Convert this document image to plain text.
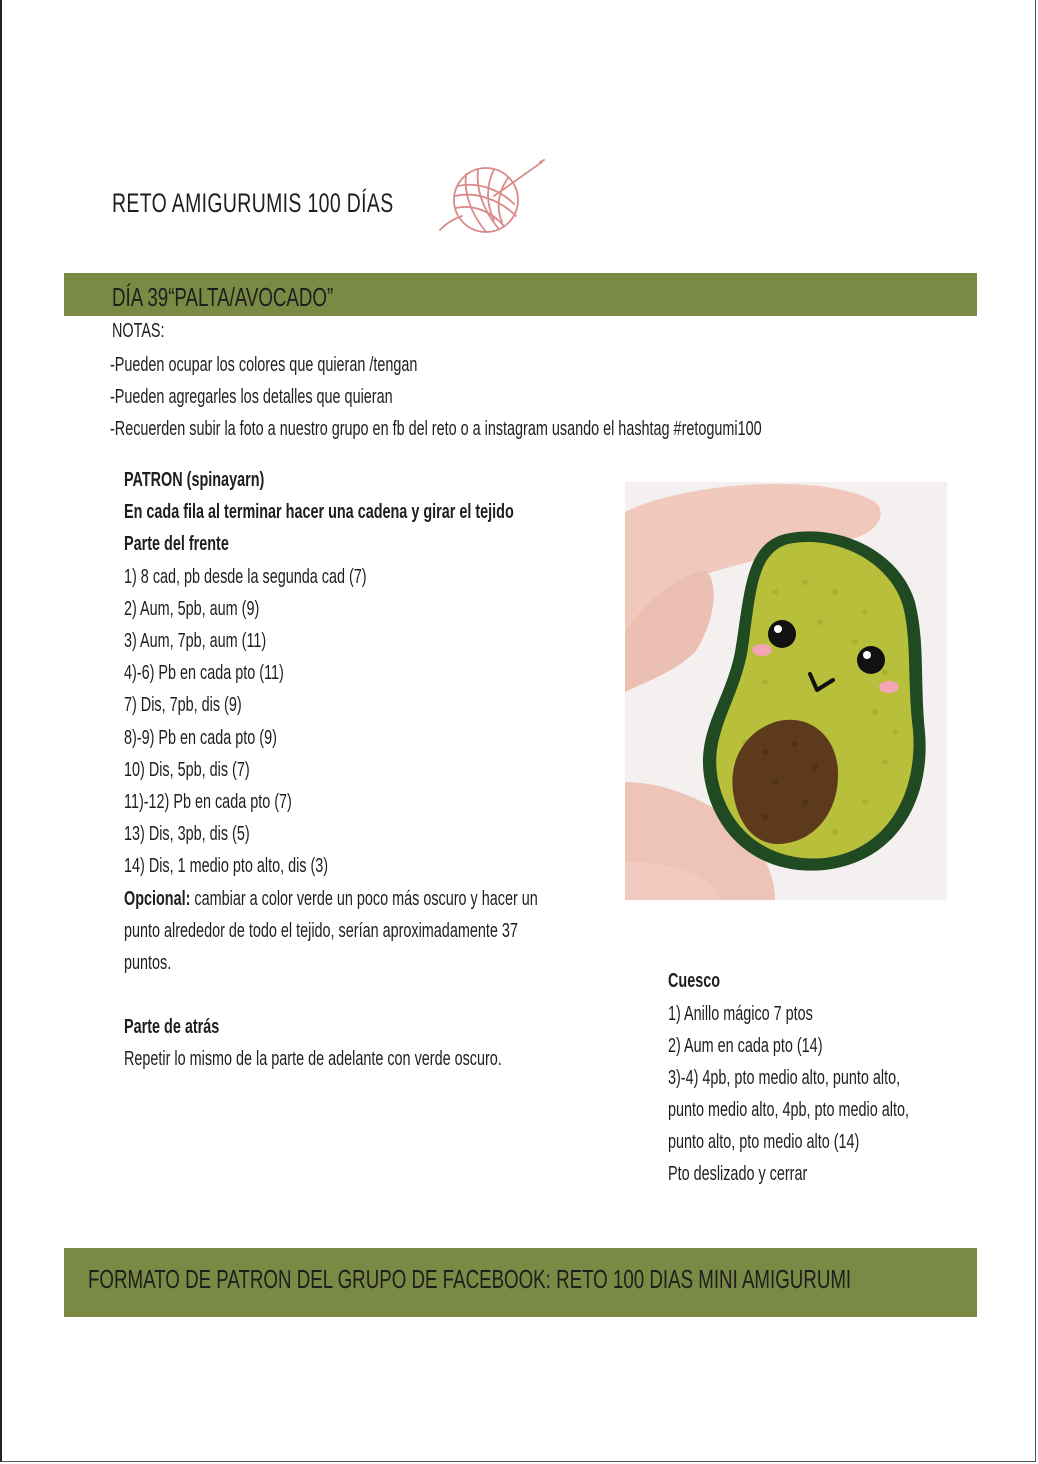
RETO AMIGURUMIS 100 DÍAS
DÍA 39“PALTA/AVOCADO”
NOTAS:
-Pueden ocupar los colores que quieran /tengan
-Pueden agregarles los detalles que quieran
-Recuerden subir la foto a nuestro grupo en fb del reto o a instagram usando el hashtag #retogumi100
PATRON (spinayarn)
En cada fila al terminar hacer una cadena y girar el tejido
Parte del frente
1) 8 cad, pb desde la segunda cad (7)
2) Aum, 5pb, aum (9)
3) Aum, 7pb, aum (11)
4)-6) Pb en cada pto (11)
7) Dis, 7pb, dis (9)
8)-9) Pb en cada pto (9)
10) Dis, 5pb, dis (7)
11)-12) Pb en cada pto (7)
13) Dis, 3pb, dis (5)
14) Dis, 1 medio pto alto, dis (3)
Opcional: cambiar a color verde un poco más oscuro y hacer un
punto alrededor de todo el tejido, serían aproximadamente 37
puntos.
Parte de atrás
Repetir lo mismo de la parte de adelante con verde oscuro.
Cuesco
1) Anillo mágico 7 ptos
2) Aum en cada pto (14)
3)-4) 4pb, pto medio alto, punto alto,
punto medio alto, 4pb, pto medio alto,
punto alto, pto medio alto (14)
Pto deslizado y cerrar
FORMATO DE PATRON DEL GRUPO DE FACEBOOK: RETO 100 DIAS MINI AMIGURUMI
